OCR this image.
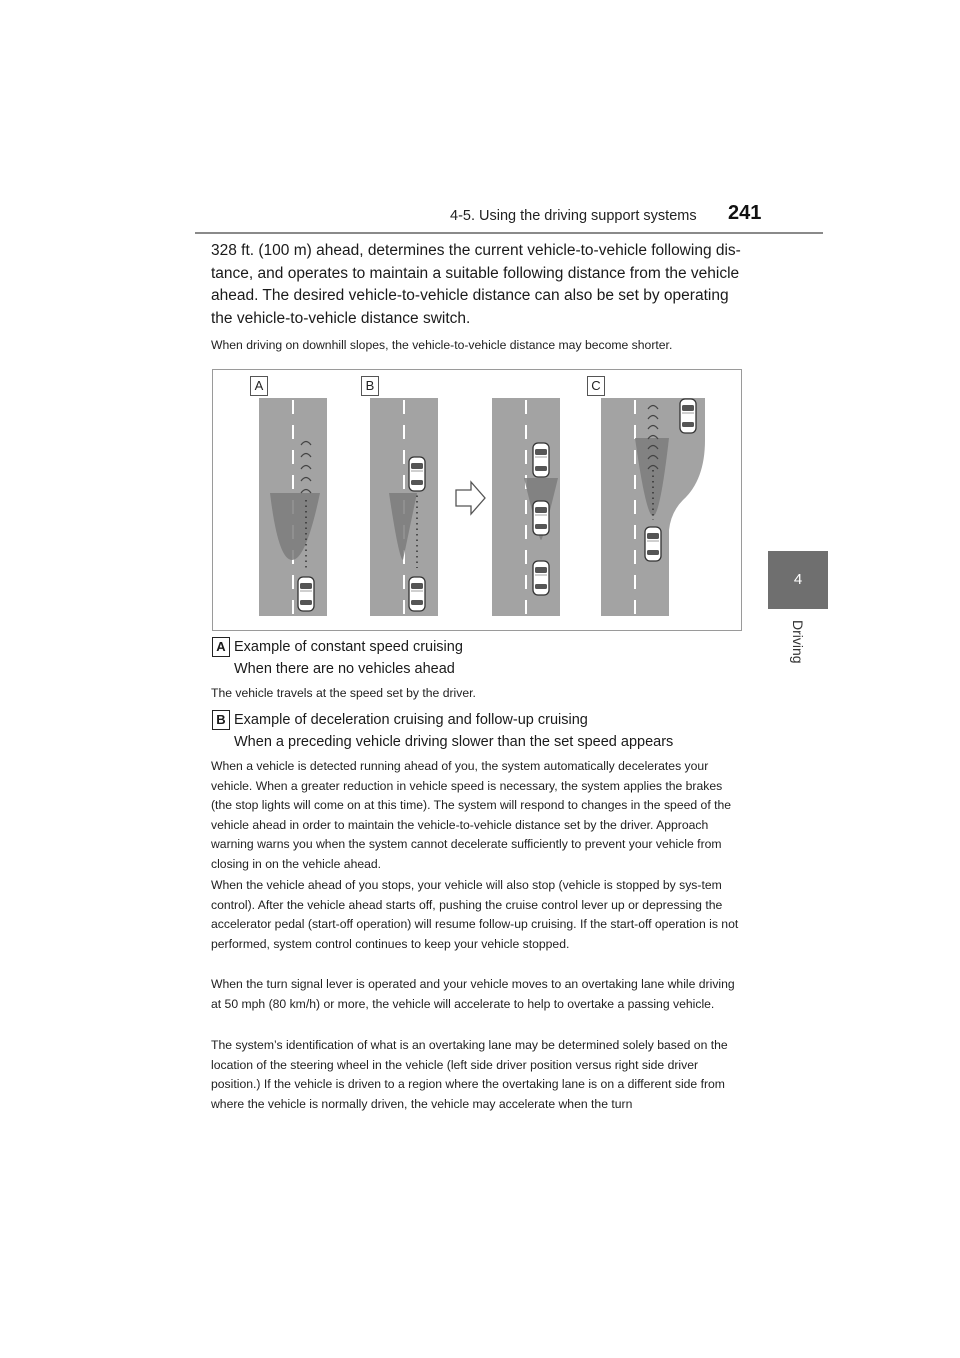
4-5. Using the driving support systems 241
4
Driving

328 ft. (100 m) ahead, determines the current vehicle-to-vehicle following dis-tance, and operates to maintain a suitable following distance from the vehicle ahead. The desired vehicle-to-vehicle distance can also be set by operating the vehicle-to-vehicle distance switch.

When driving on downhill slopes, the vehicle-to-vehicle distance may become shorter.

A	B	C
A Example of constant speed cruising

When there are no vehicles ahead

The vehicle travels at the speed set by the driver.

B Example of deceleration cruising and follow-up cruising

When a preceding vehicle driving slower than the set speed appears

When a vehicle is detected running ahead of you, the system automatically decelerates your vehicle. When a greater reduction in vehicle speed is necessary, the system applies the brakes (the stop lights will come on at this time). The system will respond to changes in the speed of the vehicle ahead in order to maintain the vehicle-to-vehicle distance set by the driver. Approach warning warns you when the system cannot decelerate sufficiently to prevent your vehicle from closing in on the vehicle ahead.

When the vehicle ahead of you stops, your vehicle will also stop (vehicle is stopped by sys-tem control). After the vehicle ahead starts off, pushing the cruise control lever up or depressing the accelerator pedal (start-off operation) will resume follow-up cruising. If the start-off operation is not performed, system control continues to keep your vehicle stopped.

When the turn signal lever is operated and your vehicle moves to an overtaking lane while driving at 50 mph (80 km/h) or more, the vehicle will accelerate to help to overtake a passing vehicle.

The system’s identification of what is an overtaking lane may be determined solely based on the location of the steering wheel in the vehicle (left side driver position versus right side driver position.) If the vehicle is driven to a region where the overtaking lane is on a different side from where the vehicle is normally driven, the vehicle may accelerate when the turn
